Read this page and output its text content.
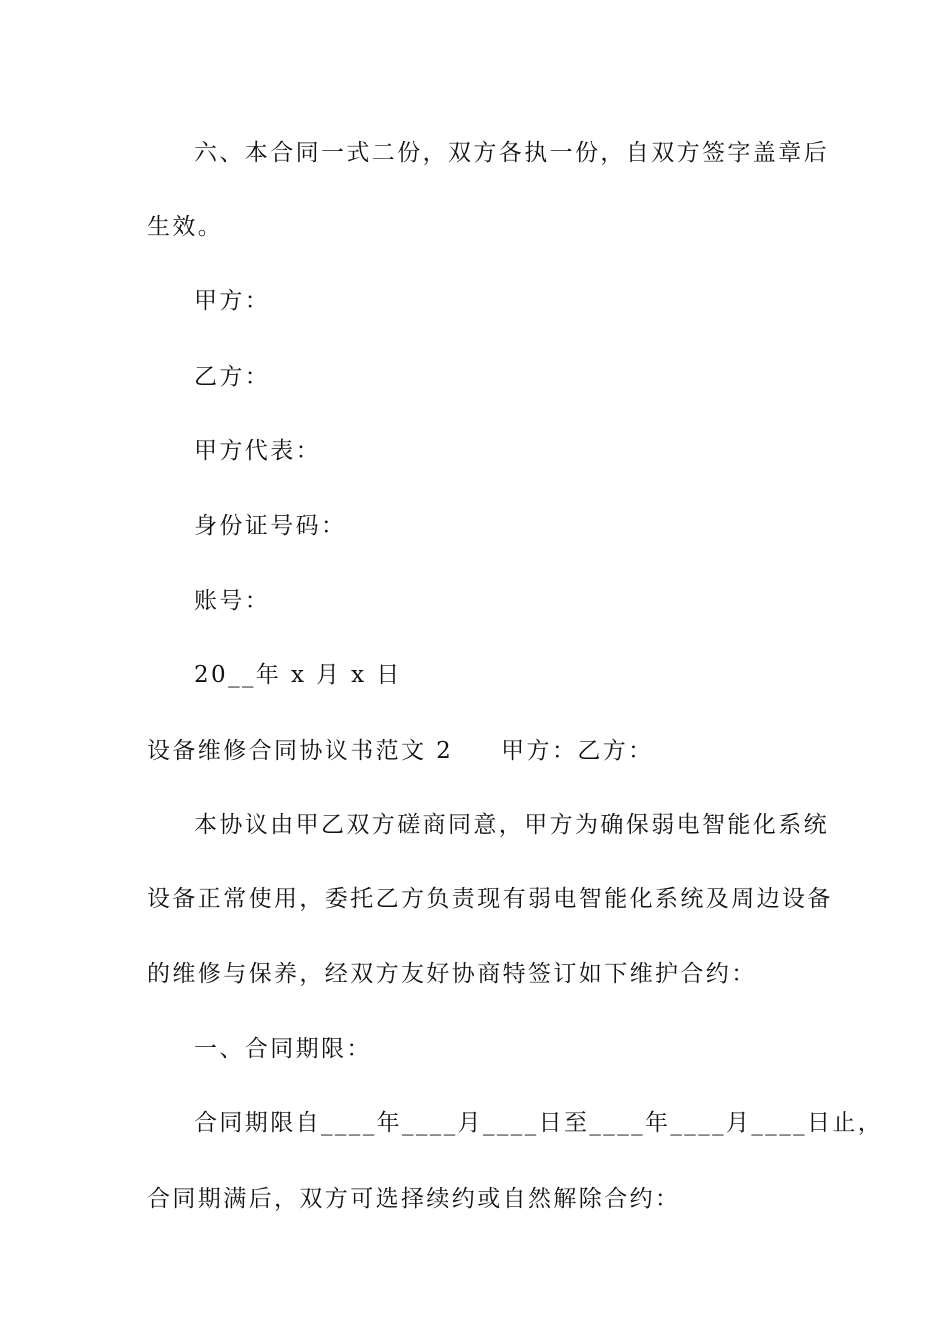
六、本合同一式二份，双方各执一份，自双方签字盖章后
生效。
甲方：
乙方：
甲方代表：
身份证号码：
账号：
20__年 x 月 x 日
设备维修合同协议书范文 2 甲方：乙方：
本协议由甲乙双方磋商同意，甲方为确保弱电智能化系统
设备正常使用，委托乙方负责现有弱电智能化系统及周边设备
的维修与保养，经双方友好协商特签订如下维护合约：
一、合同期限：
合同期限自____年____月____日至____年____月____日止，
合同期满后，双方可选择续约或自然解除合约：
